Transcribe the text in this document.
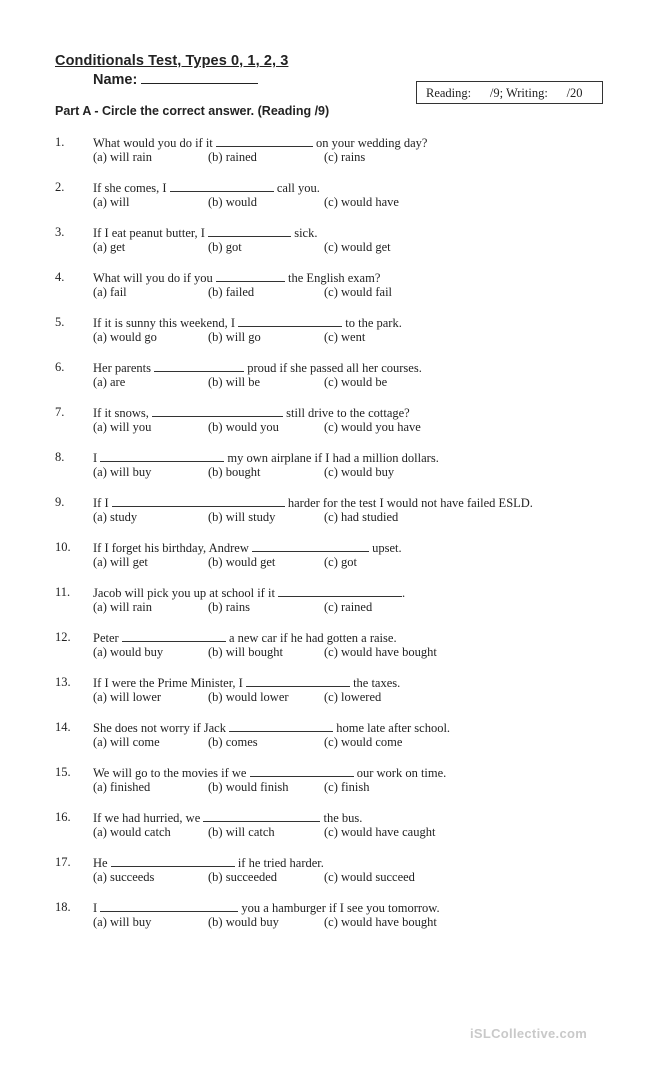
Conditionals Test, Types 0, 1, 2, 3
Name:
Reading:      /9; Writing:      /20
Part A - Circle the correct answer. (Reading /9)
1. What would you do if it	on your wedding day?
(a) will rain	(b) rained	(c) rains
2. If she comes, I	call you.
(a) will	(b) would	(c) would have
3. If I eat peanut butter, I	sick.
(a) get	(b) got	(c) would get
4. What will you do if you	the English exam?
(a) fail	(b) failed	(c) would fail
5. If it is sunny this weekend, I	to the park.
(a) would go	(b) will go	(c) went
6. Her parents	proud if she passed all her courses.
(a) are	(b) will be	(c) would be
7. If it snows,	still drive to the cottage?
(a) will you	(b) would you	(c) would you have
8. I	my own airplane if I had a million dollars.
(a) will buy	(b) bought	(c) would buy
9. If I	harder for the test I would not have failed ESLD.
(a) study	(b) will study	(c) had studied
10. If I forget his birthday, Andrew	upset.
(a) will get	(b) would get	(c) got
11. Jacob will pick you up at school if it	.
(a) will rain	(b) rains	(c) rained
12. Peter	a new car if he had gotten a raise.
(a) would buy	(b) will bought	(c) would have bought
13. If I were the Prime Minister, I	the taxes.
(a) will lower	(b) would lower	(c) lowered
14. She does not worry if Jack	home late after school.
(a) will come	(b) comes	(c) would come
15. We will go to the movies if we	our work on time.
(a) finished	(b) would finish	(c) finish
16. If we had hurried, we	the bus.
(a) would catch	(b) will catch	(c) would have caught
17. He	if he tried harder.
(a) succeeds	(b) succeeded	(c) would succeed
18. I	you a hamburger if I see you tomorrow.
(a) will buy	(b) would buy	(c) would have bought
iSLCollective.com
